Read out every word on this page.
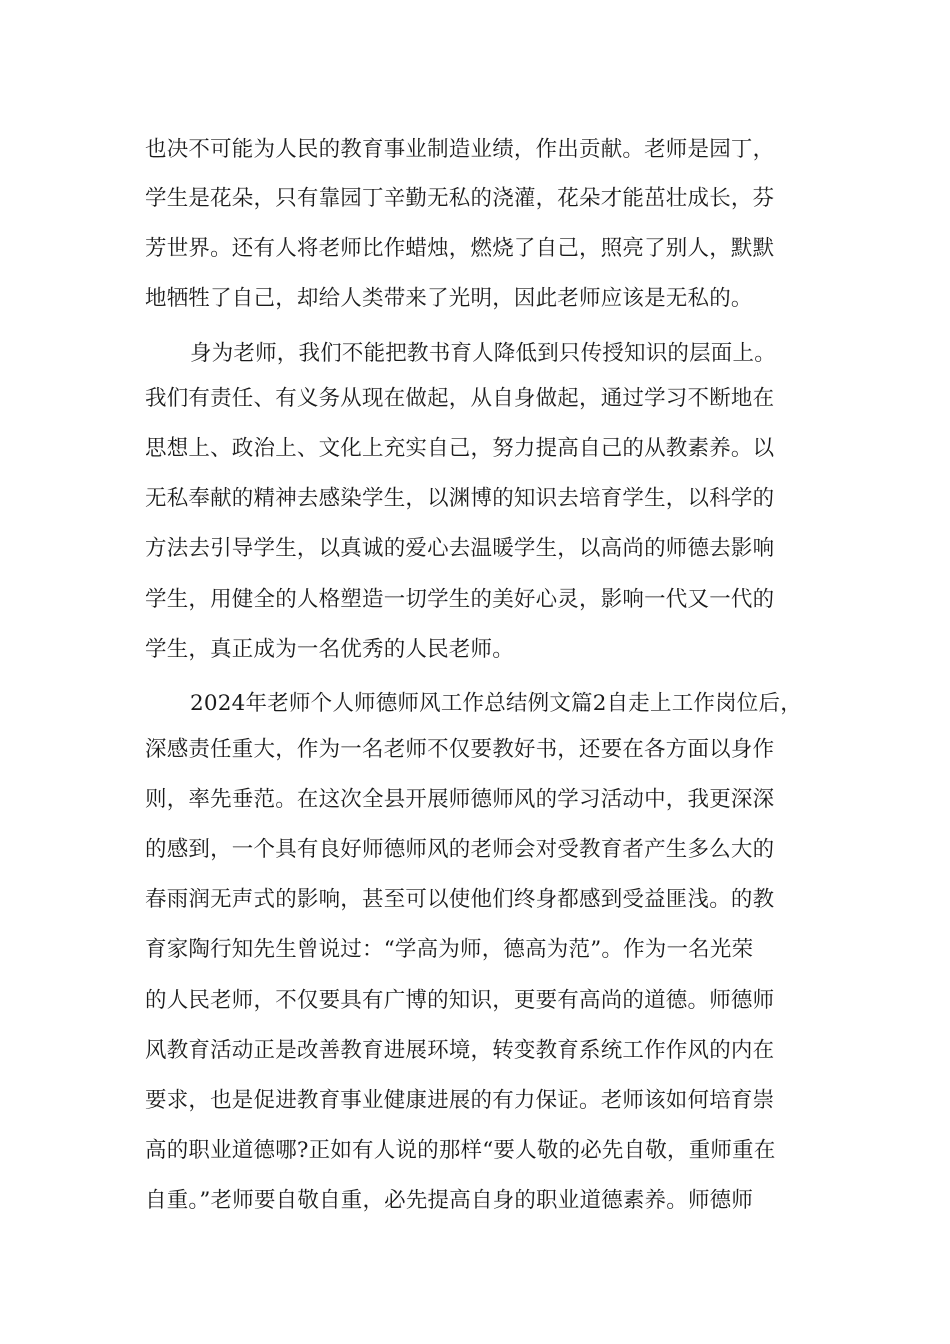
也决不可能为人民的教育事业制造业绩，作出贡献。老师是园丁，
学生是花朵，只有靠园丁辛勤无私的浇灌，花朵才能茁壮成长，芬
芳世界。还有人将老师比作蜡烛，燃烧了自己，照亮了别人，默默
地牺牲了自己，却给人类带来了光明，因此老师应该是无私的。
身为老师，我们不能把教书育人降低到只传授知识的层面上。
我们有责任、有义务从现在做起，从自身做起，通过学习不断地在
思想上、政治上、文化上充实自己，努力提高自己的从教素养。以
无私奉献的精神去感染学生，以渊博的知识去培育学生，以科学的
方法去引导学生，以真诚的爱心去温暖学生，以高尚的师德去影响
学生，用健全的人格塑造一切学生的美好心灵，影响一代又一代的
学生，真正成为一名优秀的人民老师。
2024年老师个人师德师风工作总结例文篇2自走上工作岗位后，
深感责任重大，作为一名老师不仅要教好书，还要在各方面以身作
则，率先垂范。在这次全县开展师德师风的学习活动中，我更深深
的感到，一个具有良好师德师风的老师会对受教育者产生多么大的
春雨润无声式的影响，甚至可以使他们终身都感到受益匪浅。的教
育家陶行知先生曾说过：“学高为师，德高为范”。作为一名光荣
的人民老师，不仅要具有广博的知识，更要有高尚的道德。师德师
风教育活动正是改善教育进展环境，转变教育系统工作作风的内在
要求，也是促进教育事业健康进展的有力保证。老师该如何培育崇
高的职业道德哪?正如有人说的那样“要人敬的必先自敬，重师重在
自重。”老师要自敬自重，必先提高自身的职业道德素养。师德师
